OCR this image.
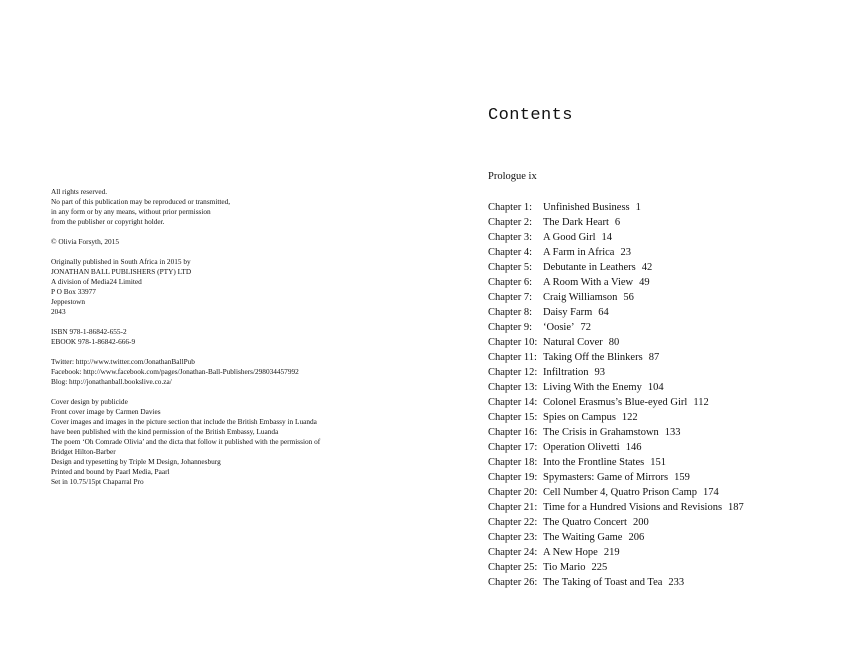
All rights reserved.
No part of this publication may be reproduced or transmitted,
in any form or by any means, without prior permission
from the publisher or copyright holder.
© Olivia Forsyth, 2015
Originally published in South Africa in 2015 by
JONATHAN BALL PUBLISHERS (PTY) LTD
A division of Media24 Limited
P O Box 33977
Jeppestown
2043
ISBN 978-1-86842-655-2
EBOOK 978-1-86842-666-9
Twitter: http://www.twitter.com/JonathanBallPub
Facebook: http://www.facebook.com/pages/Jonathan-Ball-Publishers/298034457992
Blog: http://jonathanball.bookslive.co.za/
Cover design by publicide
Front cover image by Carmen Davies
Cover images and images in the picture section that include the British Embassy in Luanda
have been published with the kind permission of the British Embassy, Luanda
The poem ‘Oh Comrade Olivia’ and the dicta that follow it published with the permission of
Bridget Hilton-Barber
Design and typesetting by Triple M Design, Johannesburg
Printed and bound by Paarl Media, Paarl
Set in 10.75/15pt Chaparral Pro
Contents
Prologue ix
Chapter 1: Unfinished Business 1
Chapter 2: The Dark Heart 6
Chapter 3: A Good Girl 14
Chapter 4: A Farm in Africa 23
Chapter 5: Debutante in Leathers 42
Chapter 6: A Room With a View 49
Chapter 7: Craig Williamson 56
Chapter 8: Daisy Farm 64
Chapter 9: ‘Oosie’ 72
Chapter 10: Natural Cover 80
Chapter 11: Taking Off the Blinkers 87
Chapter 12: Infiltration 93
Chapter 13: Living With the Enemy 104
Chapter 14: Colonel Erasmus’s Blue-eyed Girl 112
Chapter 15: Spies on Campus 122
Chapter 16: The Crisis in Grahamstown 133
Chapter 17: Operation Olivetti 146
Chapter 18: Into the Frontline States 151
Chapter 19: Spymasters: Game of Mirrors 159
Chapter 20: Cell Number 4, Quatro Prison Camp 174
Chapter 21: Time for a Hundred Visions and Revisions 187
Chapter 22: The Quatro Concert 200
Chapter 23: The Waiting Game 206
Chapter 24: A New Hope 219
Chapter 25: Tio Mario 225
Chapter 26: The Taking of Toast and Tea 233
